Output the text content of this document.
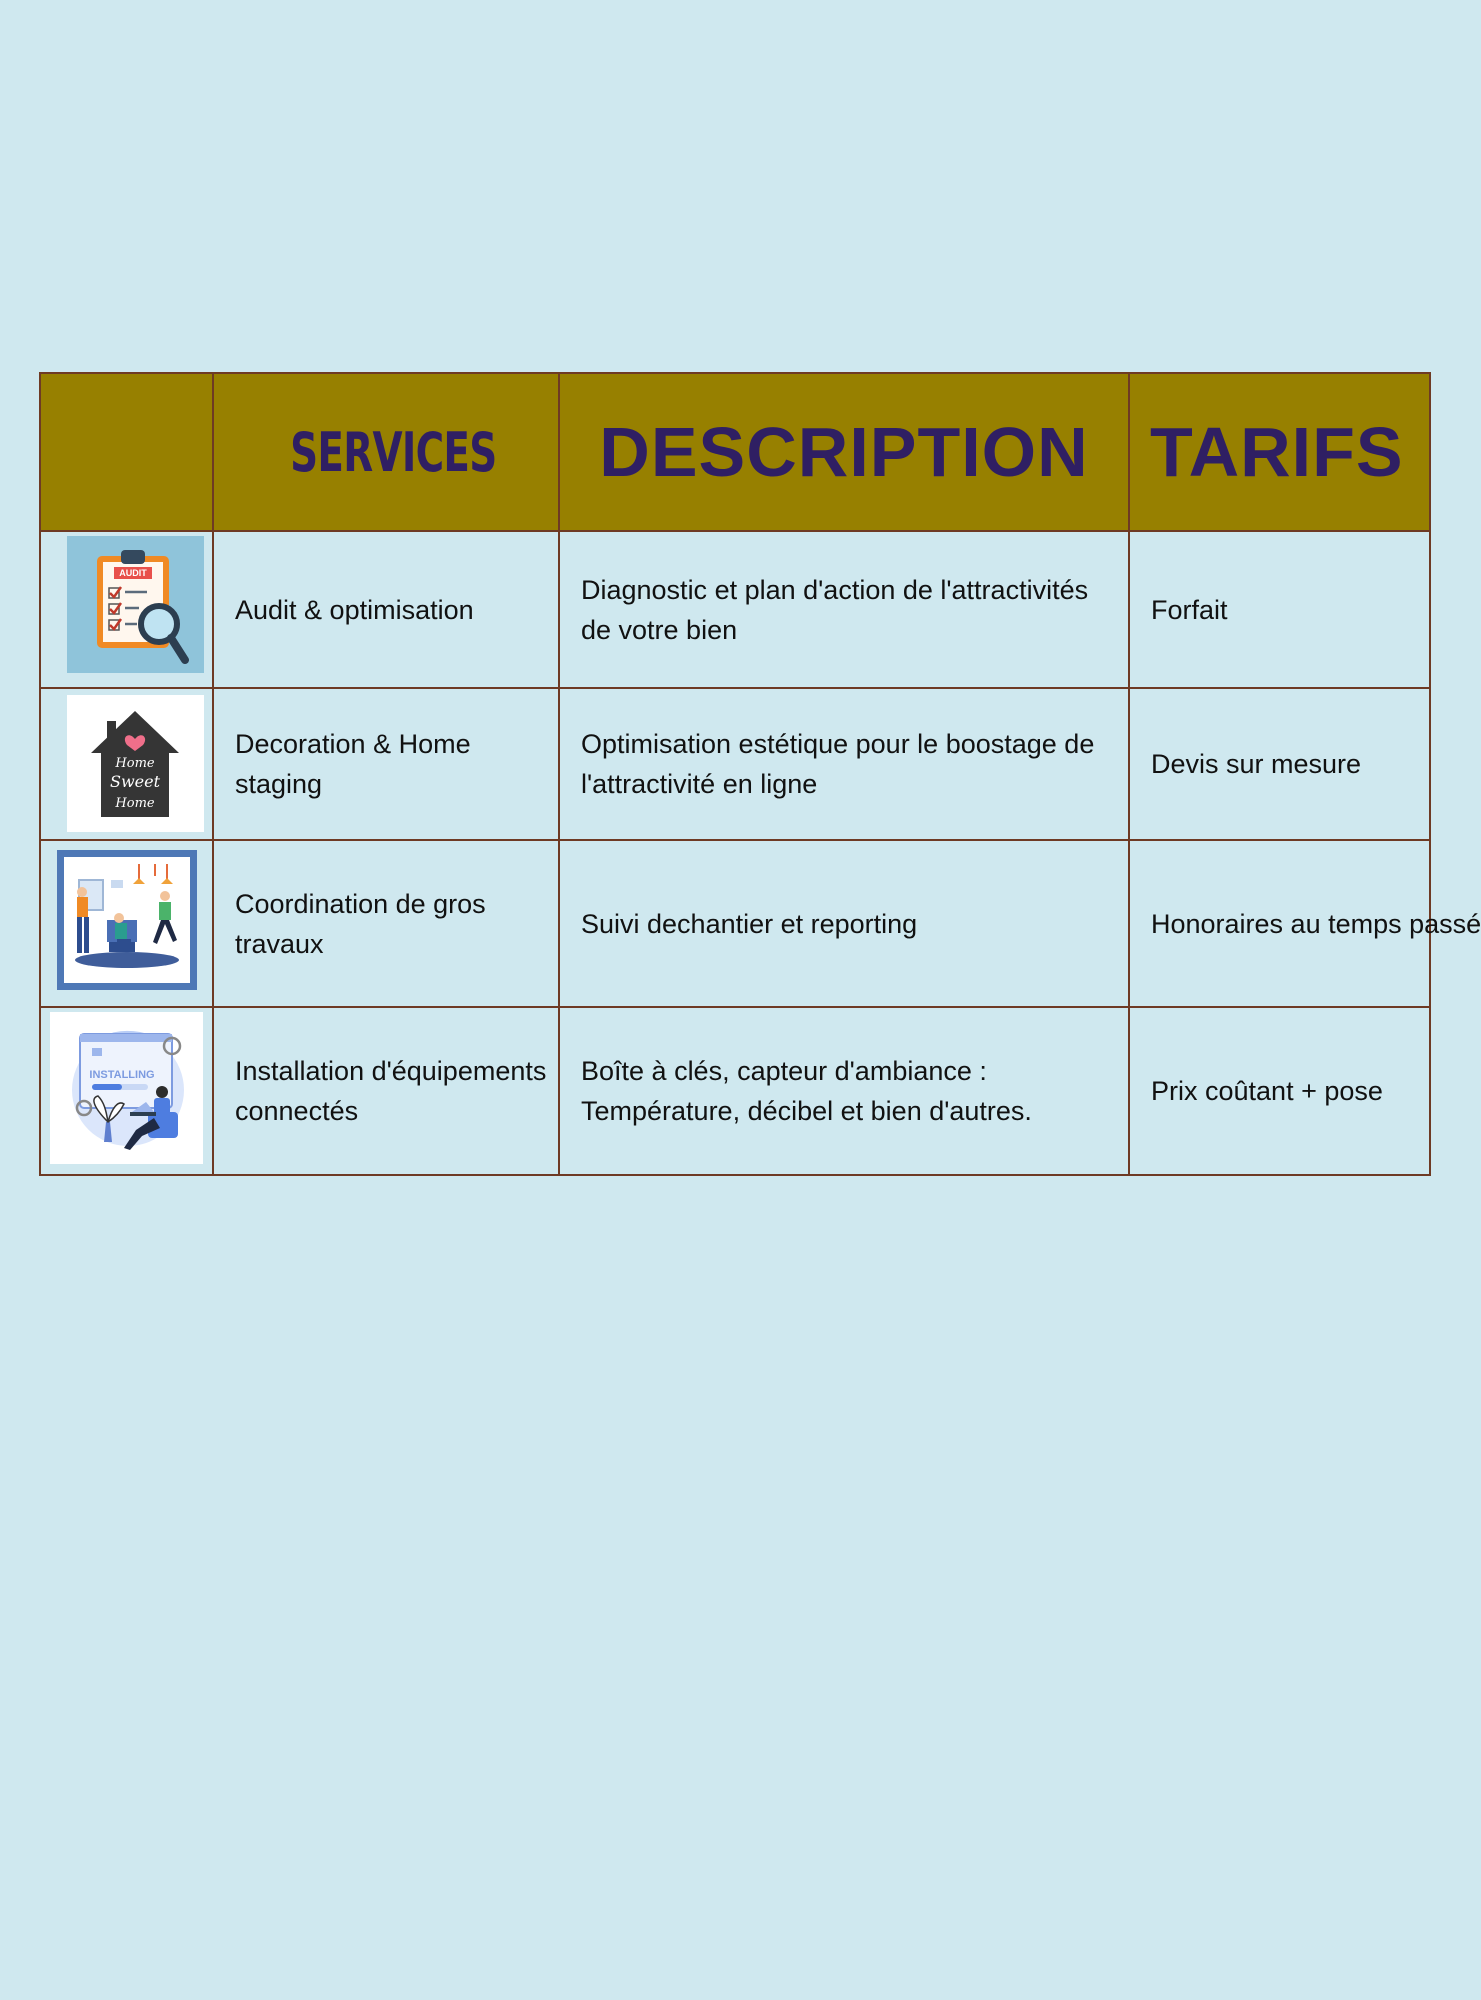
	SERVICES	DESCRIPTION	TARIFS

AUDIT	Audit & optimisation	Diagnostic et plan d'action de l'attractivités de votre bien	Forfait

Home
Sweet
Home	Decoration & Home staging	Optimisation estétique pour le boostage de l'attractivité en ligne	Devis sur mesure

	Coordination de gros travaux	Suivi dechantier et reporting	Honoraires au temps passé

INSTALLING	Installation d'équipements connectés	Boîte à clés, capteur d'ambiance : Température, décibel et bien d'autres.	Prix coûtant + pose
